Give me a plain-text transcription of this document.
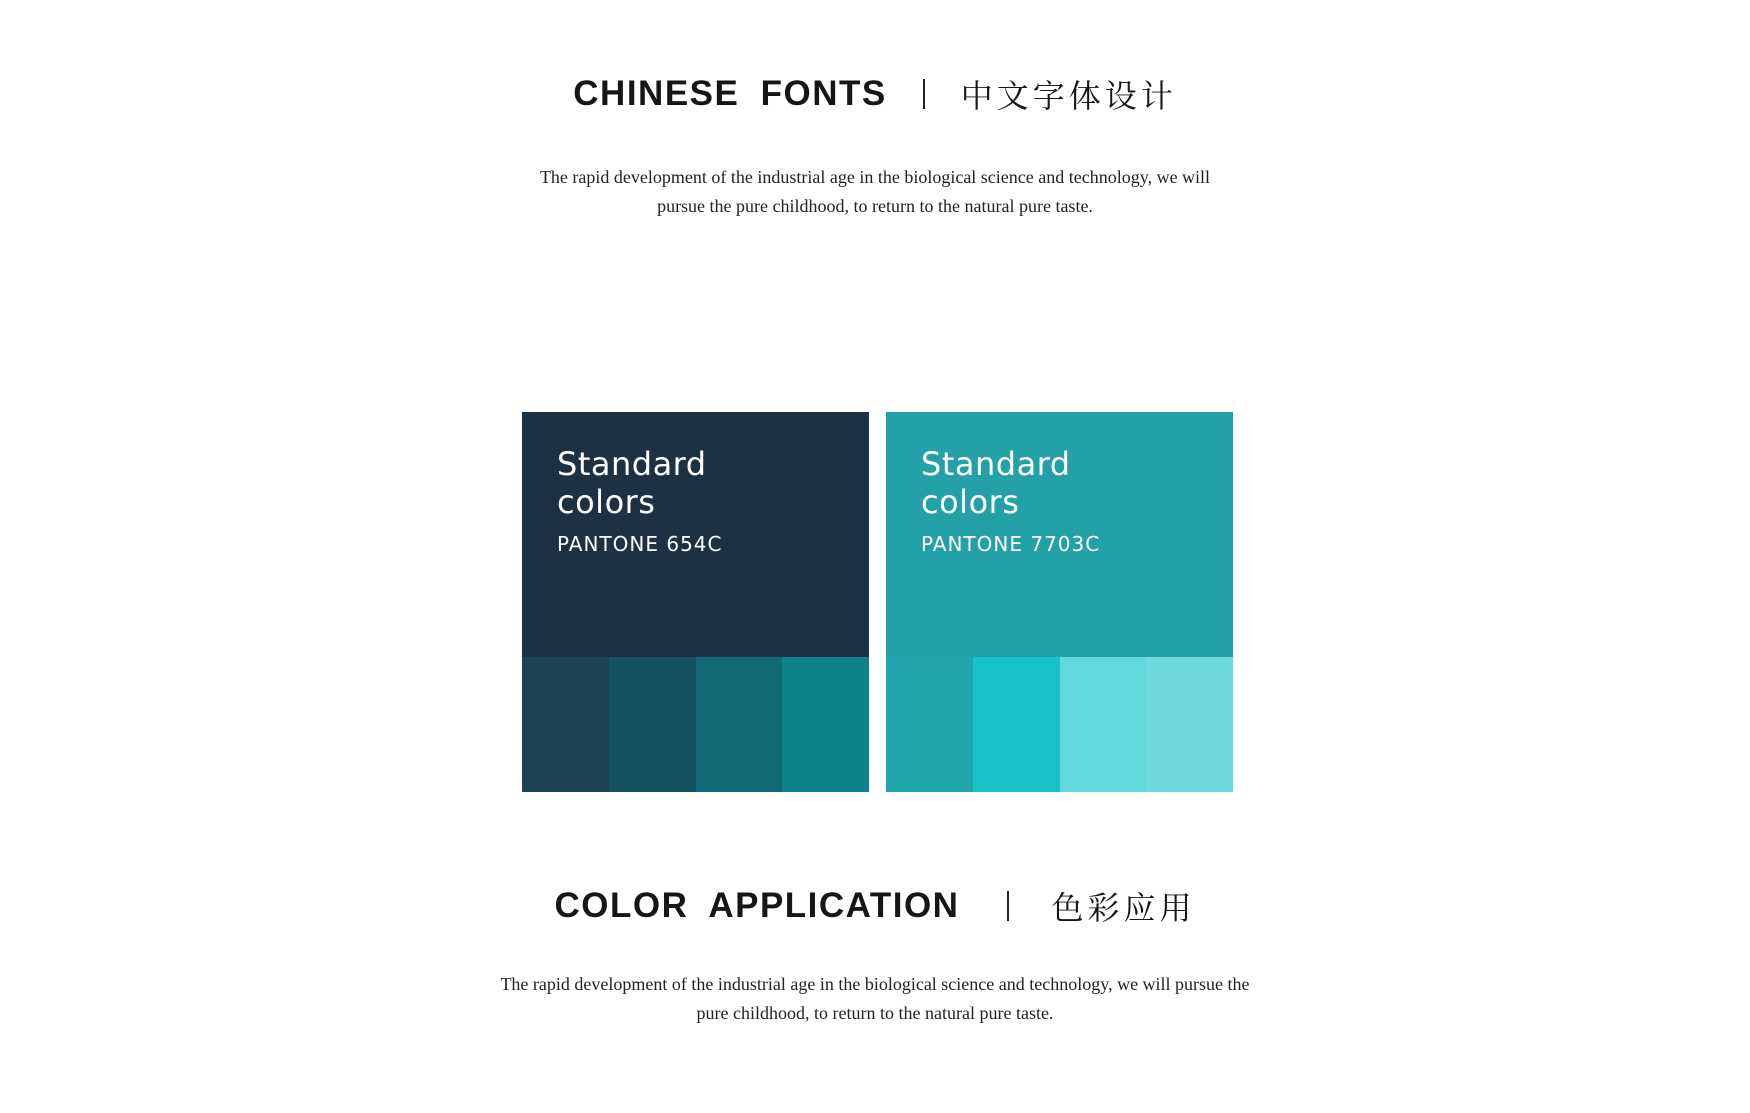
CHINESE FONTS 中文字体设计
The rapid development of the industrial age in the biological science and technology, we will
pursue the pure childhood, to return to the natural pure taste.
Standard
colors
PANTONE 654C
Standard
colors
PANTONE 7703C
COLOR APPLICATION	色彩应用
The rapid development of the industrial age in the biological science and technology, we will pursue the
pure childhood, to return to the natural pure taste.
